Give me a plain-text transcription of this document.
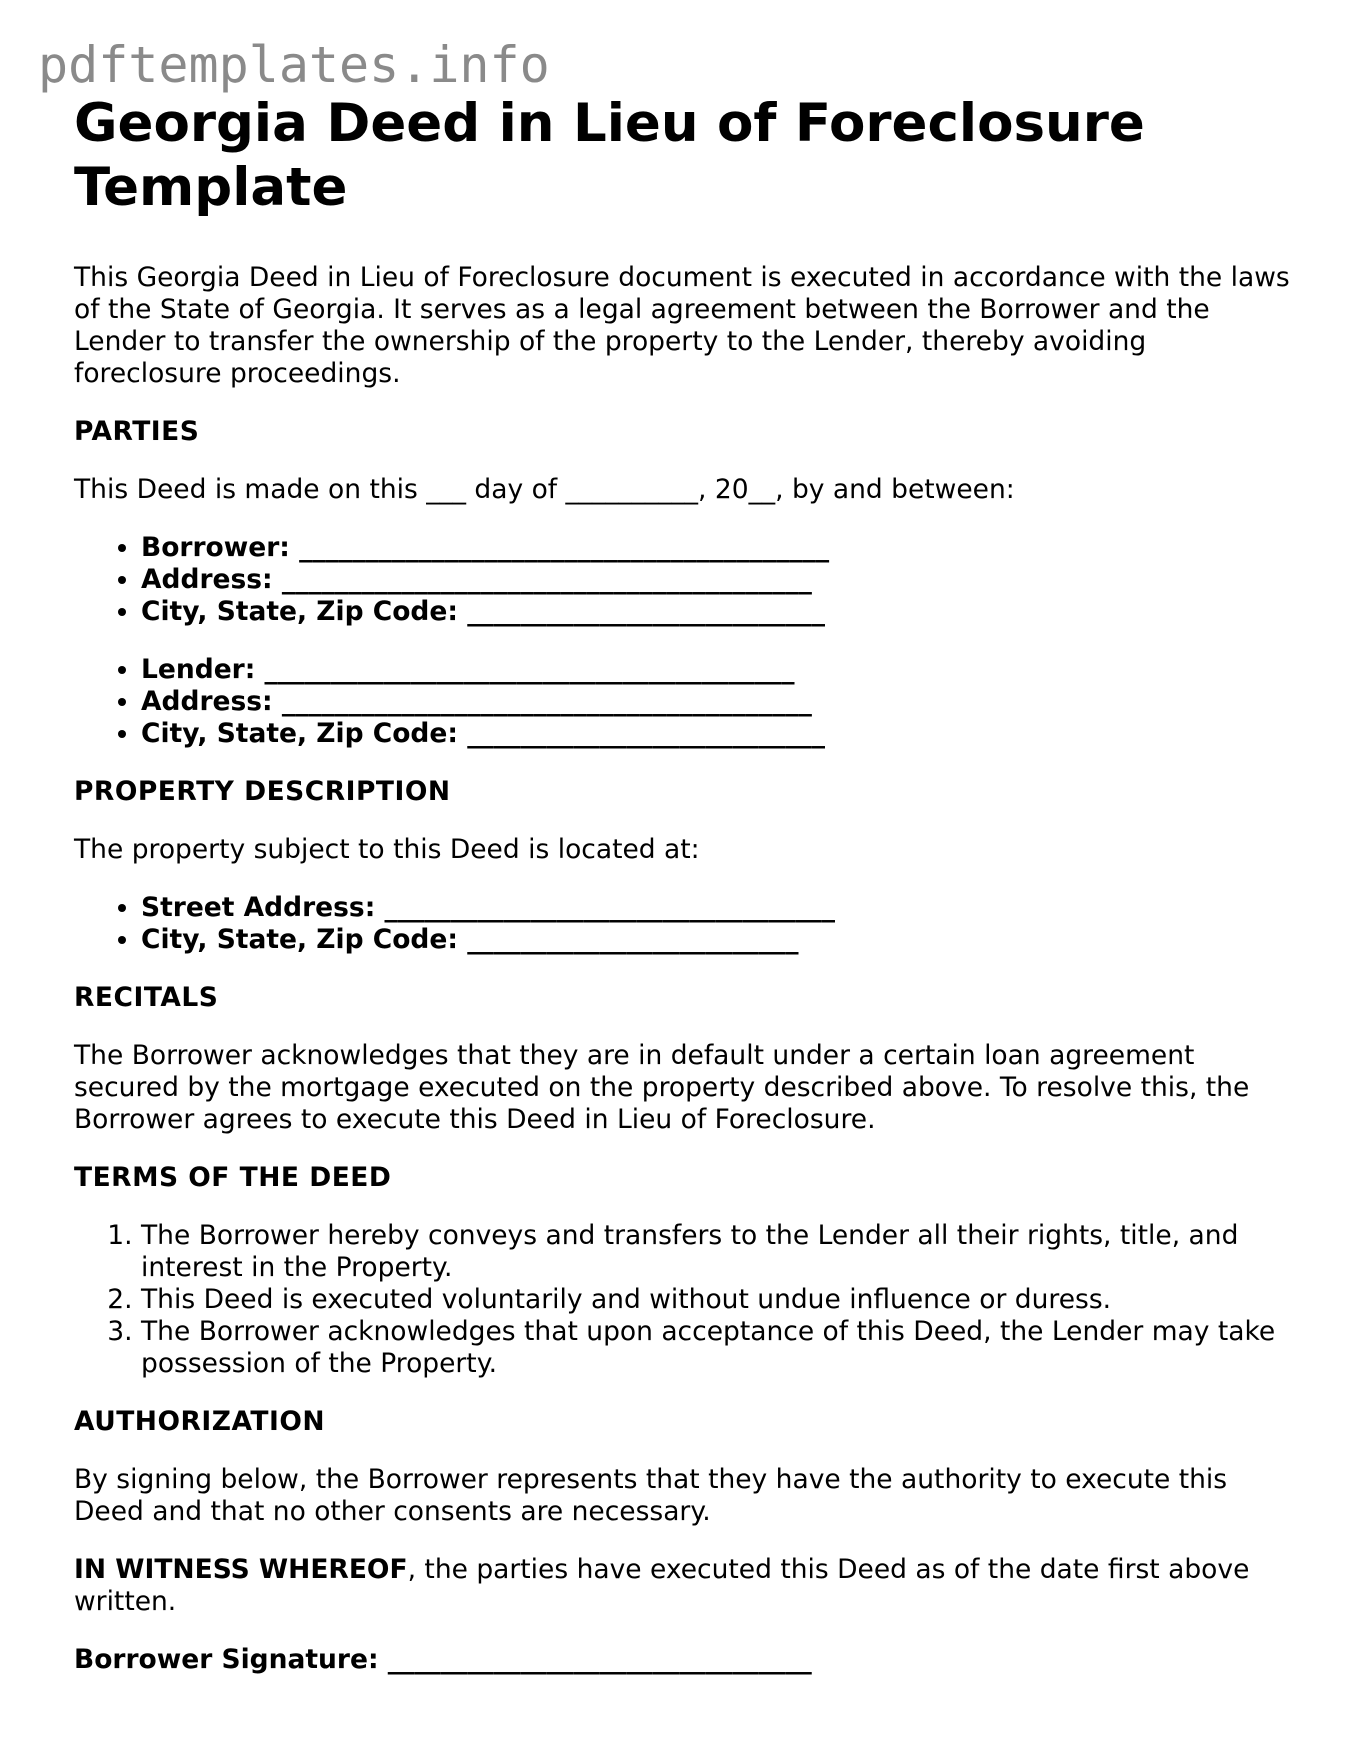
pdftemplates.info
Georgia Deed in Lieu of Foreclosure Template

This Georgia Deed in Lieu of Foreclosure document is executed in accordance with the laws of the State of Georgia. It serves as a legal agreement between the Borrower and the Lender to transfer the ownership of the property to the Lender, thereby avoiding foreclosure proceedings.

PARTIES

This Deed is made on this ___ day of __________, 20__, by and between:

• Borrower: ________________________________________
• Address: ________________________________________
• City, State, Zip Code: ___________________________
• Lender: ________________________________________
• Address: ________________________________________
• City, State, Zip Code: ___________________________
PROPERTY DESCRIPTION

The property subject to this Deed is located at:

• Street Address: __________________________________
• City, State, Zip Code: _________________________
RECITALS

The Borrower acknowledges that they are in default under a certain loan agreement secured by the mortgage executed on the property described above. To resolve this, the Borrower agrees to execute this Deed in Lieu of Foreclosure.

TERMS OF THE DEED
1. The Borrower hereby conveys and transfers to the Lender all their rights, title, and interest in the Property.
2. This Deed is executed voluntarily and without undue influence or duress.
3. The Borrower acknowledges that upon acceptance of this Deed, the Lender may take possession of the Property.
AUTHORIZATION

By signing below, the Borrower represents that they have the authority to execute this Deed and that no other consents are necessary.

IN WITNESS WHEREOF, the parties have executed this Deed as of the date first above written.

Borrower Signature: ________________________________
